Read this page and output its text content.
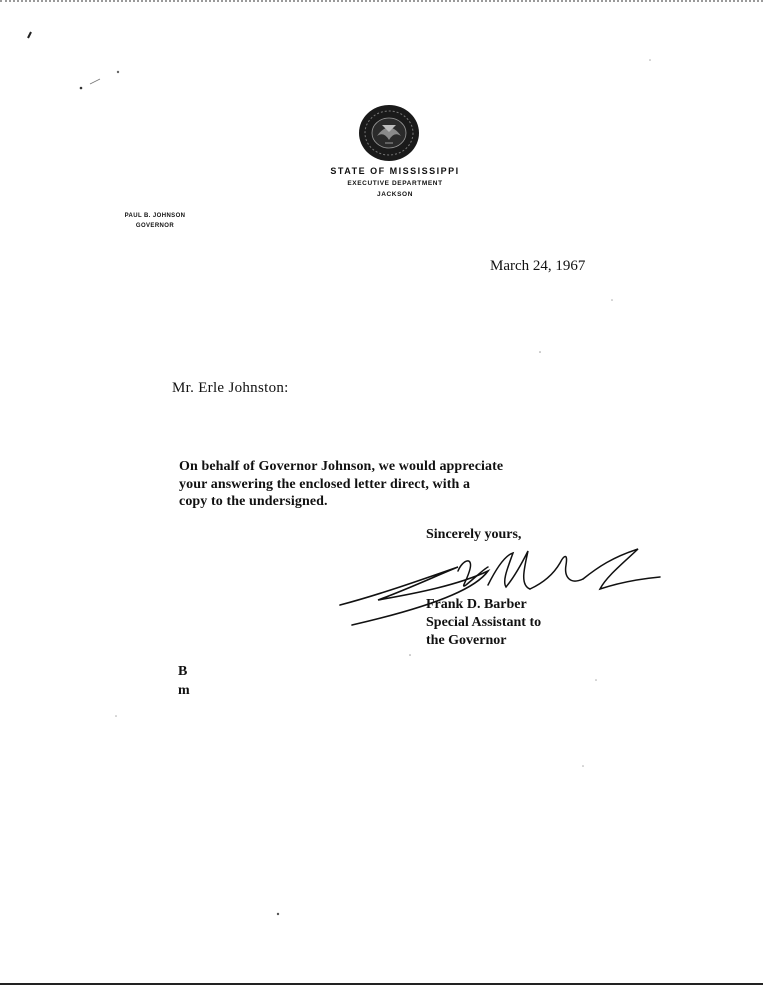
STATE OF MISSISSIPPI
EXECUTIVE DEPARTMENT
JACKSON
PAUL B. JOHNSON
GOVERNOR
March 24, 1967
Mr. Erle Johnston:
On behalf of Governor Johnson, we would appreciate
your answering the enclosed letter direct, with a
copy to the undersigned.
Sincerely yours,
Frank D. Barber
Special Assistant to
the Governor
B
m
